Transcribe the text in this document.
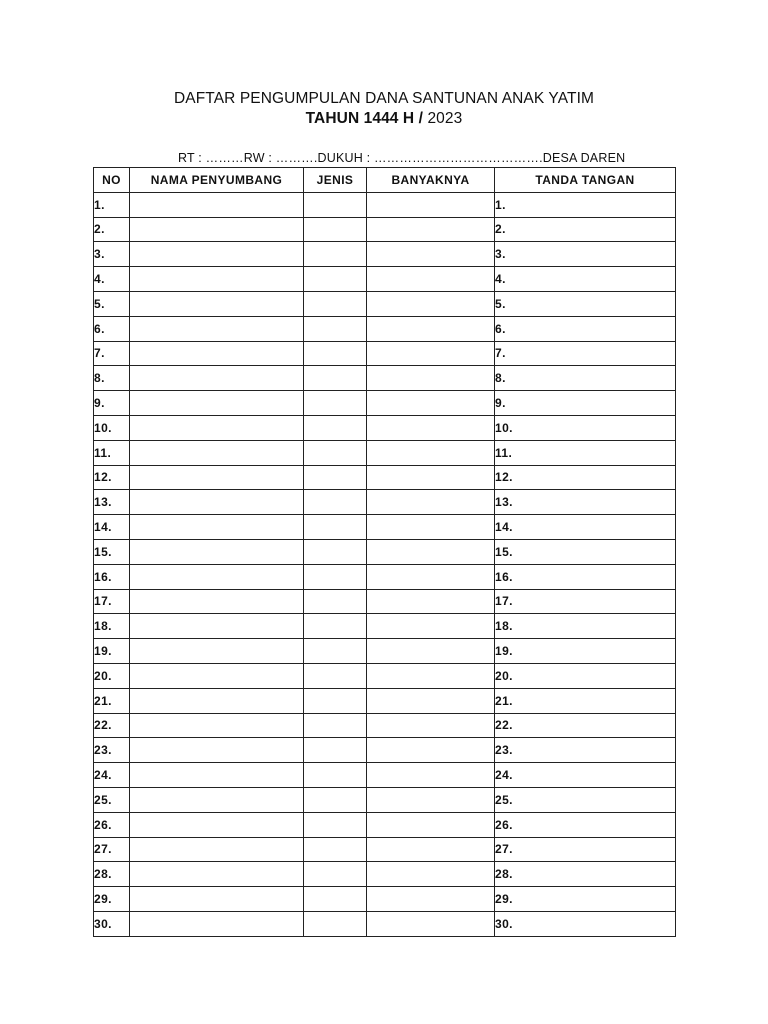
DAFTAR PENGUMPULAN DANA SANTUNAN ANAK YATIM
TAHUN 1444 H / 2023
RT : ………RW : ……….DUKUH : ………………………………….DESA DAREN
NO	NAMA PENYUMBANG	JENIS	BANYAKNYA	TANDA TANGAN
1.				1.
2.				2.
3.				3.
4.				4.
5.				5.
6.				6.
7.				7.
8.				8.
9.				9.
10.				10.
11.				11.
12.				12.
13.				13.
14.				14.
15.				15.
16.				16.
17.				17.
18.				18.
19.				19.
20.				20.
21.				21.
22.				22.
23.				23.
24.				24.
25.				25.
26.				26.
27.				27.
28.				28.
29.				29.
30.				30.
